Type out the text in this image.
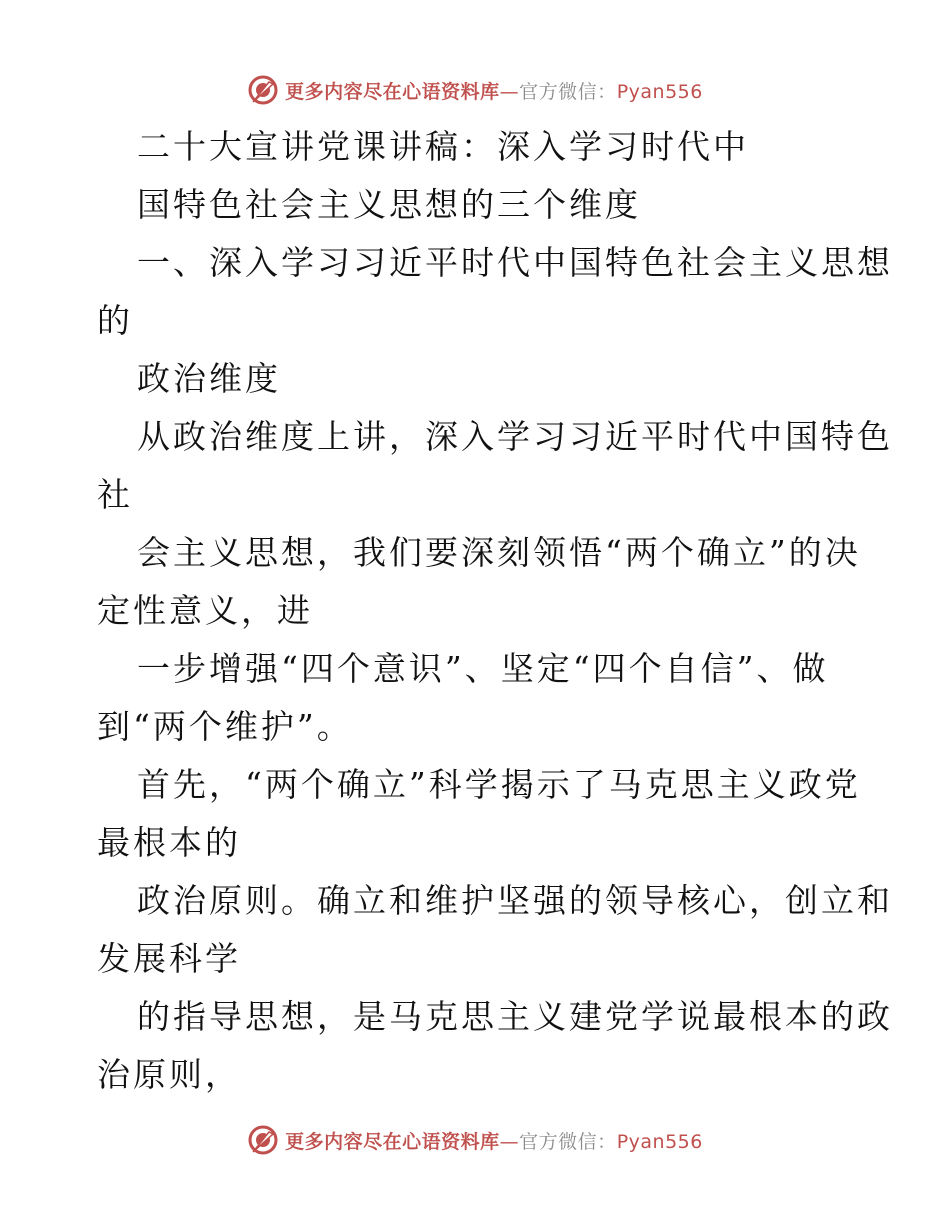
更多内容尽在心语资料库—官方微信：Pyan556
二十大宣讲党课讲稿：深入学习时代中
国特色社会主义思想的三个维度
一、深入学习习近平时代中国特色社会主义思想
的
政治维度
从政治维度上讲，深入学习习近平时代中国特色
社
会主义思想，我们要深刻领悟“两个确立”的决
定性意义，进
一步增强“四个意识”、坚定“四个自信”、做
到“两个维护”。
首先，“两个确立”科学揭示了马克思主义政党
最根本的
政治原则。确立和维护坚强的领导核心，创立和
发展科学
的指导思想，是马克思主义建党学说最根本的政
治原则，
更多内容尽在心语资料库—官方微信：Pyan556
